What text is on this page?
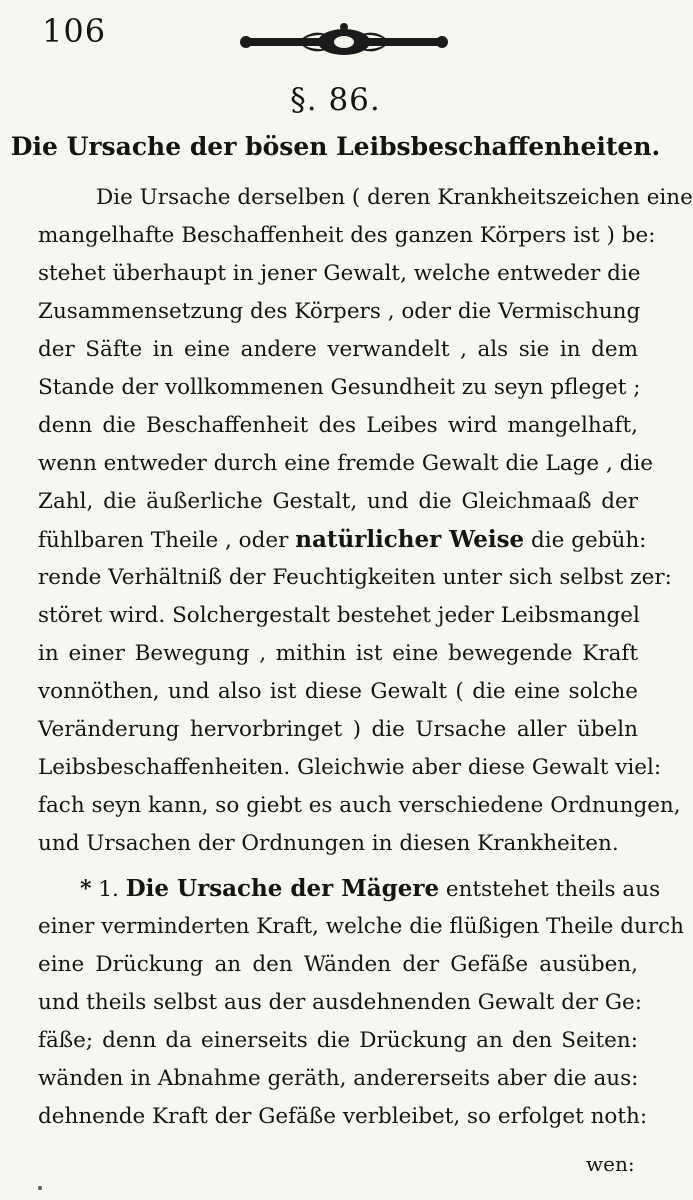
106
§. 86.
Die Ursache der bösen Leibsbeschaffenheiten.
Die Ursache derselben ( deren Krankheitszeichen eine
mangelhafte Beschaffenheit des ganzen Körpers ist ) be:
stehet überhaupt in jener Gewalt, welche entweder die
Zusammensetzung des Körpers , oder die Vermischung
der Säfte in eine andere verwandelt , als sie in dem
Stande der vollkommenen Gesundheit zu seyn pfleget ;
denn die Beschaffenheit des Leibes wird mangelhaft,
wenn entweder durch eine fremde Gewalt die Lage , die
Zahl, die äußerliche Gestalt, und die Gleichmaaß der
fühlbaren Theile , oder natürlicher Weise die gebüh:
rende Verhältniß der Feuchtigkeiten unter sich selbst zer:
störet wird. Solchergestalt bestehet jeder Leibsmangel
in einer Bewegung , mithin ist eine bewegende Kraft
vonnöthen, und also ist diese Gewalt ( die eine solche
Veränderung hervorbringet ) die Ursache aller übeln
Leibsbeschaffenheiten. Gleichwie aber diese Gewalt viel:
fach seyn kann, so giebt es auch verschiedene Ordnungen,
und Ursachen der Ordnungen in diesen Krankheiten.
* 1. Die Ursache der Mägere entstehet theils aus
einer verminderten Kraft, welche die flüßigen Theile durch
eine Drückung an den Wänden der Gefäße ausüben,
und theils selbst aus der ausdehnenden Gewalt der Ge:
fäße; denn da einerseits die Drückung an den Seiten:
wänden in Abnahme geräth, andererseits aber die aus:
dehnende Kraft der Gefäße verbleibet, so erfolget noth:
wen:
